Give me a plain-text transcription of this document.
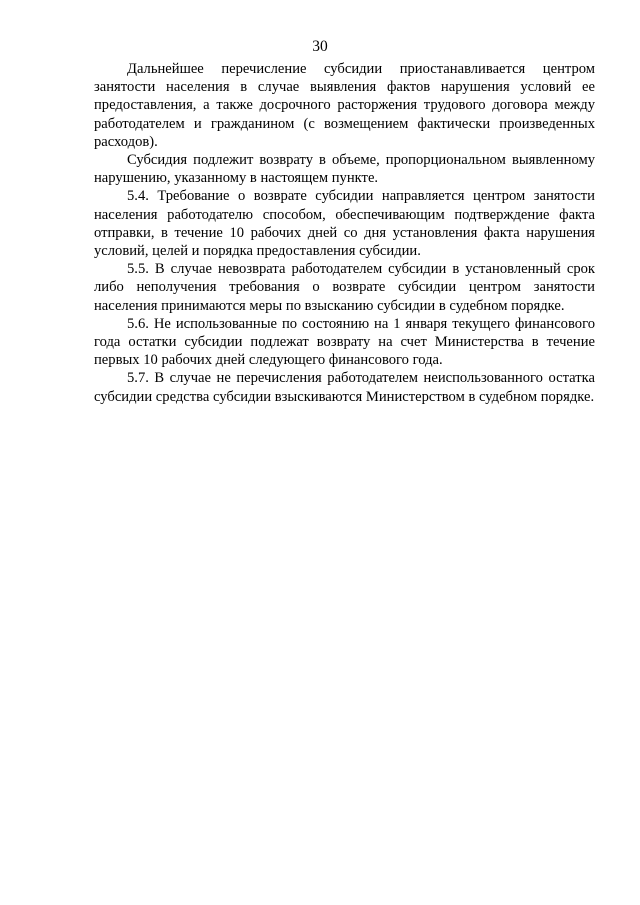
30

Дальнейшее перечисление субсидии приостанавливается центром занятости населения в случае выявления фактов нарушения условий ее предоставления, а также досрочного расторжения трудового договора между работодателем и гражданином (с возмещением фактически произведенных расходов).

Субсидия подлежит возврату в объеме, пропорциональном выявленному нарушению, указанному в настоящем пункте.

5.4. Требование о возврате субсидии направляется центром занятости населения работодателю способом, обеспечивающим подтверждение факта отправки, в течение 10 рабочих дней со дня установления факта нарушения условий, целей и порядка предоставления субсидии.

5.5. В случае невозврата работодателем субсидии в установленный срок либо неполучения требования о возврате субсидии центром занятости населения принимаются меры по взысканию субсидии в судебном порядке.

5.6. Не использованные по состоянию на 1 января текущего финансового года остатки субсидии подлежат возврату на счет Министерства в течение первых 10 рабочих дней следующего финансового года.

5.7. В случае не перечисления работодателем неиспользованного остатка субсидии средства субсидии взыскиваются Министерством в судебном порядке.
